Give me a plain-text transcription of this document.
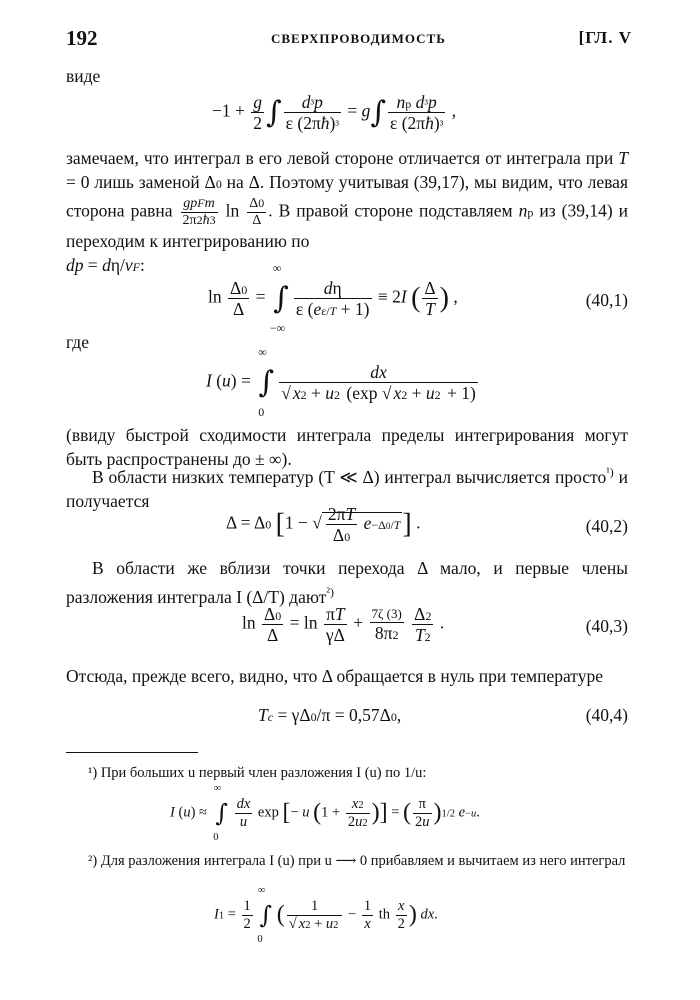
192	СВЕРХПРОВОДИМОСТЬ	[ГЛ. V

виде

$-1 + \frac{g}{2}$ ∫ $\frac{\text{d³p}}{\text{ε (2πħ)³}} = g\int \frac{\text{np d³p}}{\text{ε (2πħ)³}}$ ,

замечаем, что интеграл в его левой стороне отличается от интеграла при T = 0 лишь заменой Δ0 на Δ. Поэтому учитывая (39,17), мы видим, что левая сторона равна $\frac{\text{gpFm}}{2\pi 2ħ3}$ $\ln \frac{\Delta 0}{\Delta}$ . В правой стороне подставляем np из (39,14) и переходим к интегрированию по
dp = dη/vF:

$\ln \frac{\Delta 0}{\Delta}$ = ∫
∞
−∞
$\frac{d\eta}{\varepsilon (e\varepsilon/T + 1)} \equiv 2I$ ( $\frac{\Delta}{T}$ ) ,	(40,1)

где

I (u) = ∫
∞
0
$\frac{dx}{√ x2 + u2 (\exp √ x2 + u2 + 1)}$

(ввиду быстрой сходимости интеграла пределы интегрирования могут быть распространены до ± ∞).

В области низких температур (T ≪ Δ) интеграл вычисляется просто$^{^1)}$ и получается

Δ = Δ0 [1 − √ $\frac{2\pi T}{\Delta 0} e-\Delta 0/T$] .	(40,2)

В области же вблизи точки перехода Δ мало, и первые члены разложения интеграла I (Δ/T) дают$^{^2)}$

$\ln \frac{\Delta 0}{\Delta} = \ln \frac{\pi T}{\gamma\Delta} + \frac{7\zeta (3)}{8\pi 2}$
$\frac{\Delta 2}{T2}$ .	(40,3)

Отсюда, прежде всего, видно, что Δ обращается в нуль при температуре

Tc = γΔ0/π = 0,57Δ0,	(40,4)

¹) При больших u первый член разложения I (u) по 1/u:

I (u) ≈ ∫
∞
0
$\frac{dx}{u}$ exp [− u ($1 + \frac{x2}{2u2}$ )] = ( $\frac{\pi}{2u} )1/2$ e−u.

²) Для разложения интеграла I (u) при u ⟶ 0 прибавляем и вычитаем из него интеграл

$I1 = \frac{1}{2}$ ∫
∞
0
( $\frac{1}{√ x2 + u2} - \frac{1}{x}$ th $\frac{x}{2}$ ) dx.
